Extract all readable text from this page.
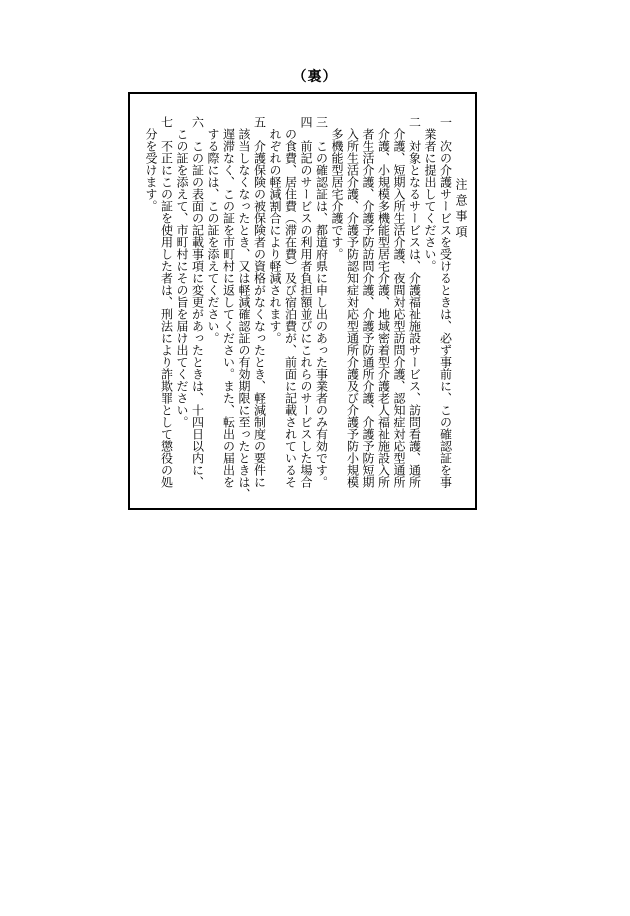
（裏）
注 意 事 項
一次の介護サービスを受けるときは、必ず事前に、この確認証を事
業者に提出してください。
二対象となるサービスは、介護福祉施設サービス、訪問看護、通所
介護、短期入所生活介護、夜間対応型訪問介護、認知症対応型通所
介護、小規模多機能型居宅介護、地域密着型介護老人福祉施設入所
者生活介護、介護予防訪問介護、介護予防通所介護、介護予防短期
入所生活介護、介護予防認知症対応型通所介護及び介護予防小規模
多機能型居宅介護です。
三この確認証は、都道府県に申し出のあった事業者のみ有効です。
四前記のサービスの利用者負担額並びにこれらのサービスした場合
の食費、居住費（滞在費）及び宿泊費が、前面に記載されているそ
れぞれの軽減割合により軽減されます。
五介護保険の被保険者の資格がなくなったとき、軽減制度の要件に
該当しなくなったとき、又は軽減確認証の有効期限に至ったときは、
遅滞なく、この証を市町村に返してください。また、転出の届出を
する際には、この証を添えてください。
六この証の表面の記載事項に変更があったときは、十四日以内に、
この証を添えて、市町村にその旨を届け出てください。
七不正にこの証を使用した者は、刑法により詐欺罪として懲役の処
分を受けます。
